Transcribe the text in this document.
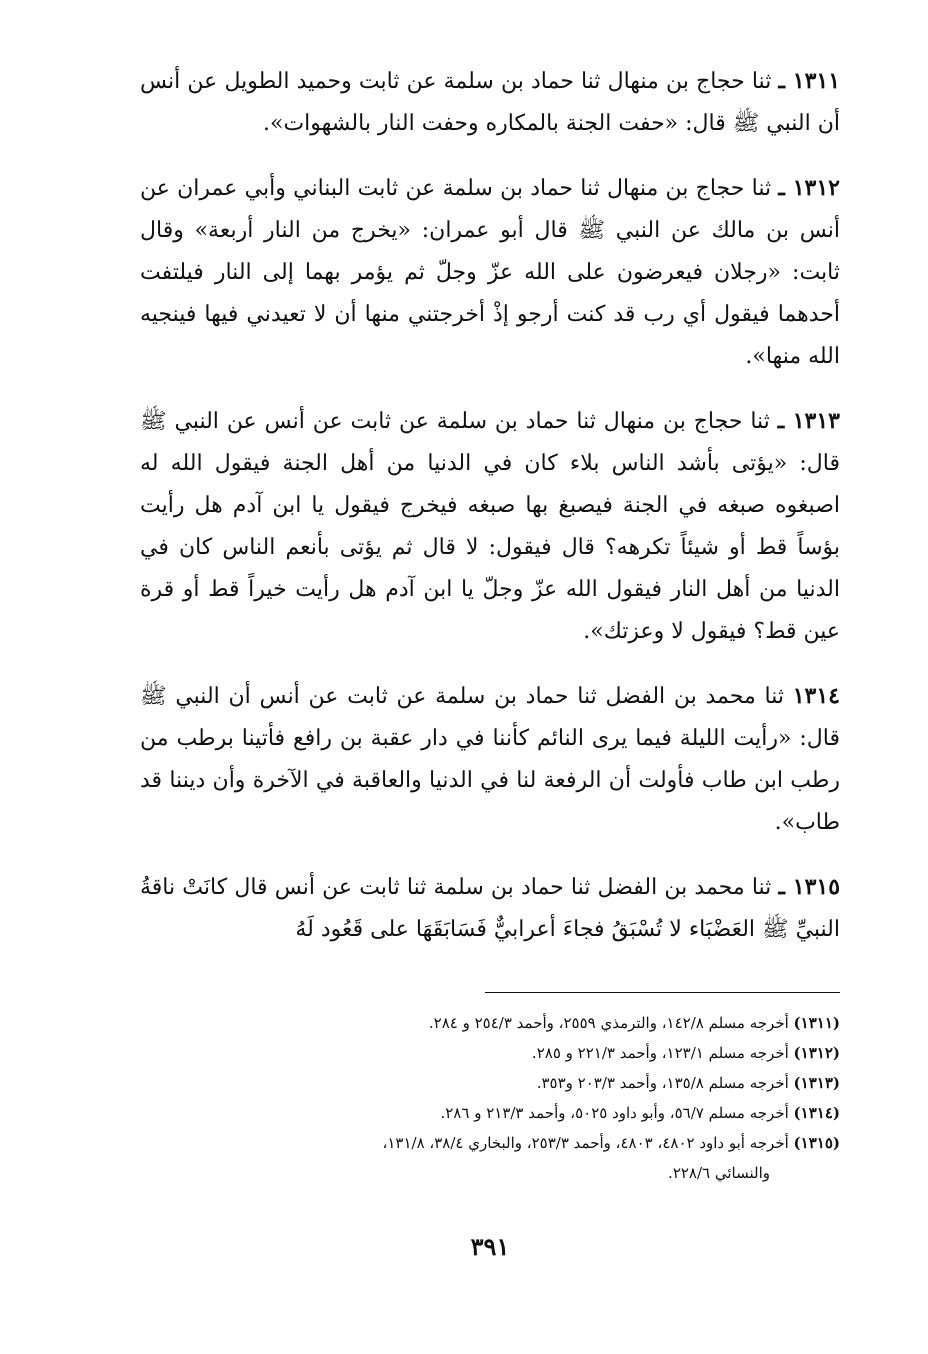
١٣١١ ـ ثنا حجاج بن منهال ثنا حماد بن سلمة عن ثابت وحميد الطويل عن أنس أن النبي ﷺ قال: «حفت الجنة بالمكاره وحفت النار بالشهوات».

١٣١٢ ـ ثنا حجاج بن منهال ثنا حماد بن سلمة عن ثابت البناني وأبي عمران عن أنس بن مالك عن النبي ﷺ قال أبو عمران: «يخرج من النار أربعة» وقال ثابت: «رجلان فيعرضون على الله عزّ وجلّ ثم يؤمر بهما إلى النار فيلتفت أحدهما فيقول أي رب قد كنت أرجو إذْ أخرجتني منها أن لا تعيدني فيها فينجيه الله منها».

١٣١٣ ـ ثنا حجاج بن منهال ثنا حماد بن سلمة عن ثابت عن أنس عن النبي ﷺ قال: «يؤتى بأشد الناس بلاء كان في الدنيا من أهل الجنة فيقول الله له اصبغوه صبغه في الجنة فيصبغ بها صبغه فيخرج فيقول يا ابن آدم هل رأيت بؤساً قط أو شيئاً تكرهه؟ قال فيقول: لا قال ثم يؤتى بأنعم الناس كان في الدنيا من أهل النار فيقول الله عزّ وجلّ يا ابن آدم هل رأيت خيراً قط أو قرة عين قط؟ فيقول لا وعزتك».

١٣١٤ ثنا محمد بن الفضل ثنا حماد بن سلمة عن ثابت عن أنس أن النبي ﷺ قال: «رأيت الليلة فيما يرى النائم كأننا في دار عقبة بن رافع فأتينا برطب من رطب ابن طاب فأولت أن الرفعة لنا في الدنيا والعاقبة في الآخرة وأن ديننا قد طاب».

١٣١٥ ـ ثنا محمد بن الفضل ثنا حماد بن سلمة ثنا ثابت عن أنس قال كانَتْ ناقةُ النبيِّ ﷺ العَضْبَاء لا تُسْبَقُ فجاءَ أعرابيٌّ فَسَابَقَهَا على قَعُود لَهُ

(١٣١١) أخرجه مسلم ١٤٢/٨، والترمذي ٢٥٥٩، وأحمد ٢٥٤/٣ و ٢٨٤.

(١٣١٢) أخرجه مسلم ١٢٣/١، وأحمد ٢٢١/٣ و ٢٨٥.

(١٣١٣) أخرجه مسلم ١٣٥/٨، وأحمد ٢٠٣/٣ و٣٥٣.

(١٣١٤) أخرجه مسلم ٥٦/٧، وأبو داود ٥٠٢٥، وأحمد ٢١٣/٣ و ٢٨٦.

(١٣١٥) أخرجه أبو داود ٤٨٠٢، ٤٨٠٣، وأحمد ٢٥٣/٣، والبخاري ٣٨/٤، ١٣١/٨،

والنسائي ٢٢٨/٦.

٣٩١
